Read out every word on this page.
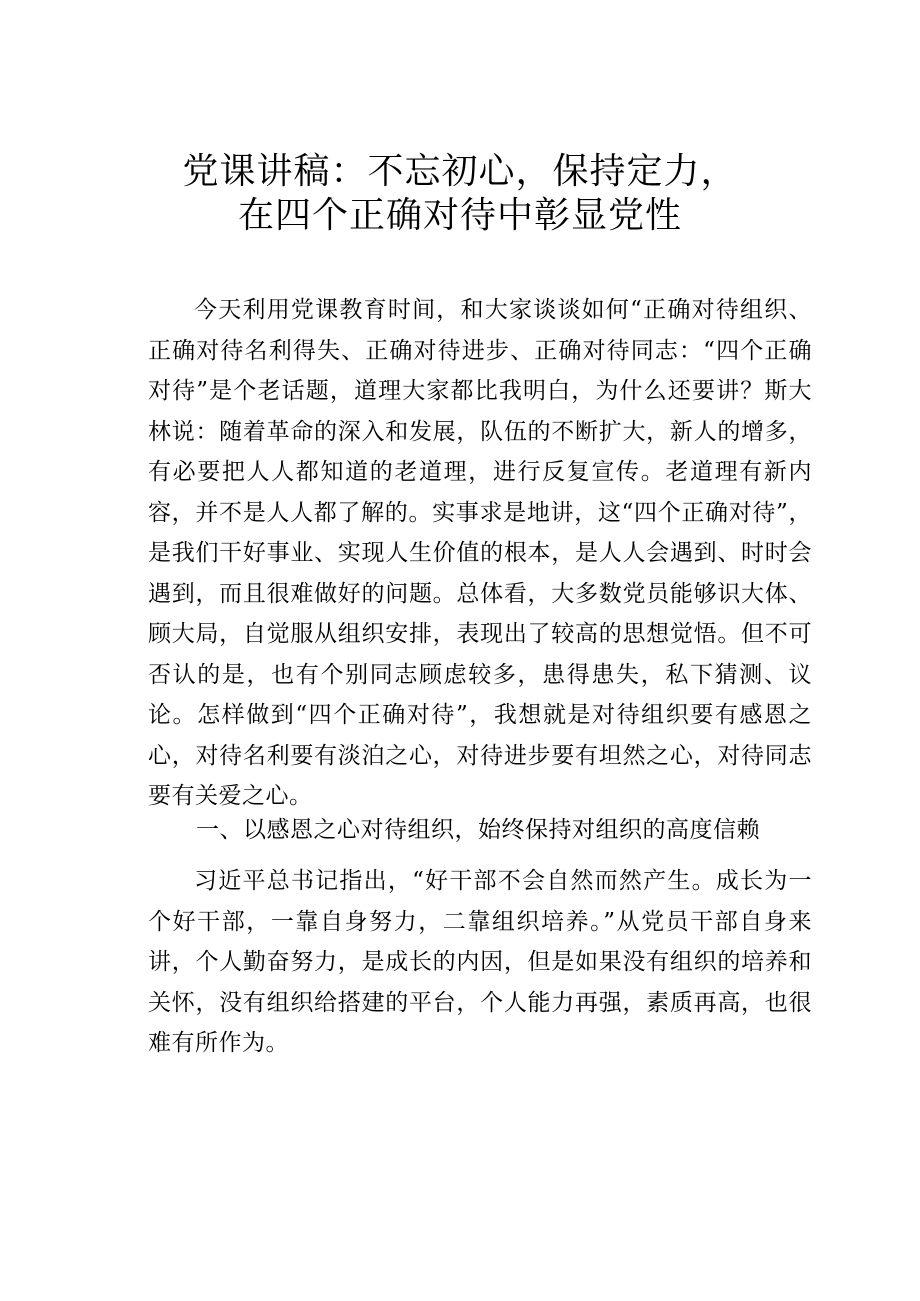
党课讲稿：不忘初心，保持定力，
在四个正确对待中彰显党性

今天利用党课教育时间，和大家谈谈如何“正确对待组织、正确对待名利得失、正确对待进步、正确对待同志：“四个正确对待”是个老话题，道理大家都比我明白，为什么还要讲？斯大林说：随着革命的深入和发展，队伍的不断扩大，新人的增多，有必要把人人都知道的老道理，进行反复宣传。老道理有新内容，并不是人人都了解的。实事求是地讲，这“四个正确对待”，是我们干好事业、实现人生价值的根本，是人人会遇到、时时会遇到，而且很难做好的问题。总体看，大多数党员能够识大体、顾大局，自觉服从组织安排，表现出了较高的思想觉悟。但不可否认的是，也有个别同志顾虑较多，患得患失，私下猜测、议论。怎样做到“四个正确对待”，我想就是对待组织要有感恩之心，对待名利要有淡泊之心，对待进步要有坦然之心，对待同志要有关爱之心。

一、以感恩之心对待组织，始终保持对组织的高度信赖

习近平总书记指出，“好干部不会自然而然产生。成长为一个好干部，一靠自身努力，二靠组织培养。”从党员干部自身来讲，个人勤奋努力，是成长的内因，但是如果没有组织的培养和关怀，没有组织给搭建的平台，个人能力再强，素质再高，也很难有所作为。
